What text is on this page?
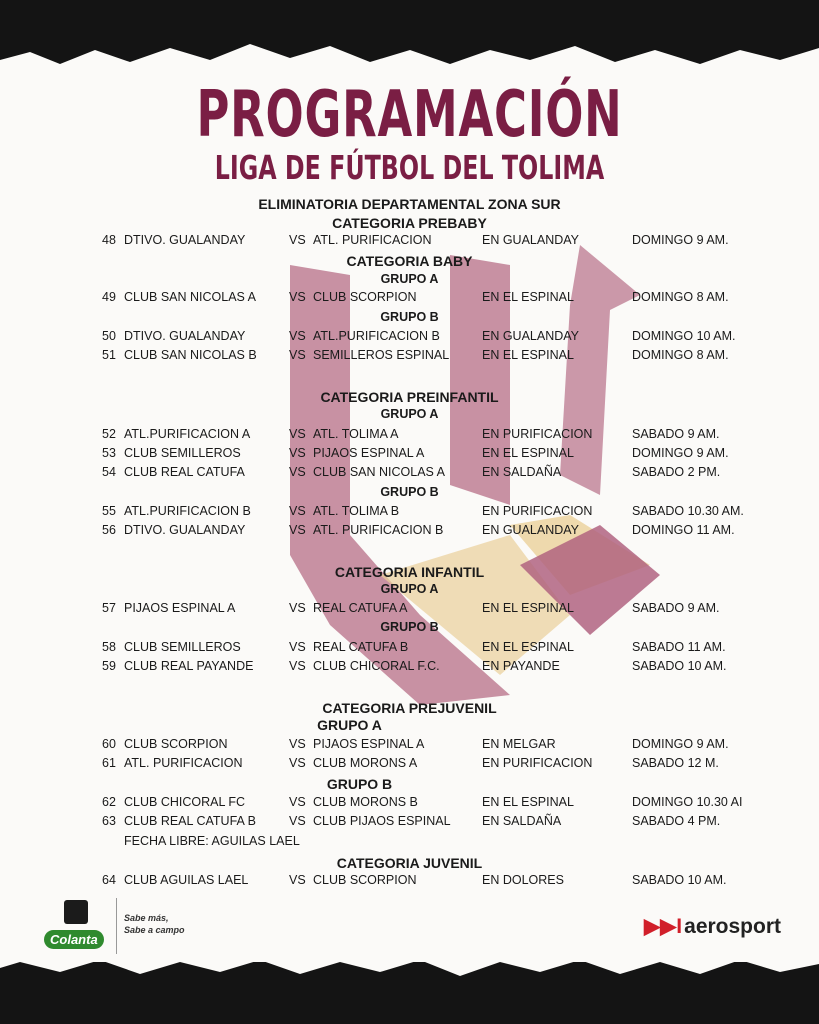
PROGRAMACIÓN
LIGA DE FÚTBOL DEL TOLIMA
ELIMINATORIA DEPARTAMENTAL ZONA SUR
CATEGORIA PREBABY
48 DTIVO. GUALANDAY	VS ATL. PURIFICACION	EN GUALANDAY	DOMINGO 9 AM.
CATEGORIA BABY
GRUPO A
49 CLUB SAN NICOLAS A	VS CLUB SCORPION	EN EL ESPINAL	DOMINGO 8 AM.
GRUPO B
50 DTIVO. GUALANDAY	VS ATL.PURIFICACION B	EN GUALANDAY	DOMINGO 10 AM.
51 CLUB SAN NICOLAS B	VS SEMILLEROS ESPINAL	EN EL ESPINAL	DOMINGO 8 AM.
CATEGORIA PREINFANTIL
GRUPO A
52 ATL.PURIFICACION A	VS ATL. TOLIMA A	EN PURIFICACION	SABADO 9 AM.
53 CLUB SEMILLEROS	VS PIJAOS ESPINAL A	EN EL ESPINAL	DOMINGO 9 AM.
54 CLUB REAL CATUFA	VS CLUB SAN NICOLAS A	EN SALDAÑA	SABADO 2 PM.
GRUPO B
55 ATL.PURIFICACION B	VS ATL. TOLIMA B	EN PURIFICACION	SABADO 10.30 AM.
56 DTIVO. GUALANDAY	VS ATL. PURIFICACION B	EN GUALANDAY	DOMINGO 11 AM.
CATEGORIA INFANTIL
GRUPO A
57 PIJAOS ESPINAL A	VS REAL CATUFA A	EN EL ESPINAL	SABADO 9 AM.
GRUPO B
58 CLUB SEMILLEROS	VS REAL CATUFA B	EN EL ESPINAL	SABADO 11 AM.
59 CLUB REAL PAYANDE	VS CLUB CHICORAL F.C.	EN PAYANDE	SABADO 10 AM.
CATEGORIA PREJUVENIL
GRUPO A
60 CLUB SCORPION	VS PIJAOS ESPINAL A	EN MELGAR	DOMINGO 9 AM.
61 ATL. PURIFICACION	VS CLUB MORONS A	EN PURIFICACION	SABADO 12 M.
GRUPO B
62 CLUB CHICORAL FC	VS CLUB MORONS B	EN EL ESPINAL	DOMINGO 10.30 AI
63 CLUB REAL CATUFA B	VS CLUB PIJAOS ESPINAL	EN SALDAÑA	SABADO 4 PM.
FECHA LIBRE: AGUILAS LAEL
CATEGORIA JUVENIL
64 CLUB AGUILAS LAEL	VS CLUB SCORPION	EN DOLORES	SABADO 10 AM.
Colanta
Sabe más,
Sabe a campo	▶▶Iaerosport
